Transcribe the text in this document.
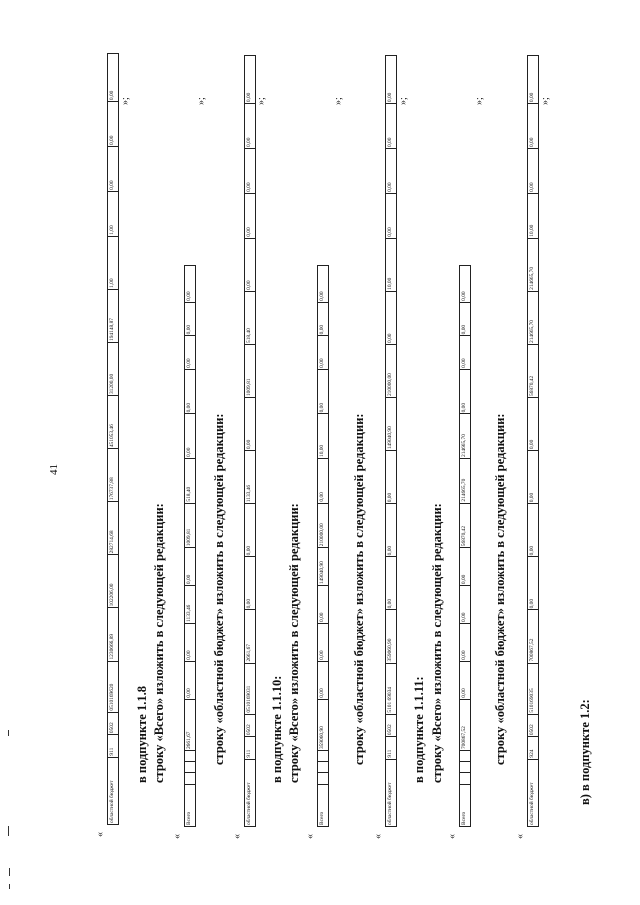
41
«
областной бюджет
911
0502
0510169620
1230666,89
102206,00
282714,68
176737,88
451053,46
31200,00
194148,87
1,00
1,00
0,00
0,00
0,00
»;
в подпункте 1.1.8 строку «Всего» изложить в следующей редакции:
«
Всего
2661,67
0,00
0,00
1133,46
0,00
1009,81
518,40
0,00
0,00
0,00
0,00
0,00
»;
строку «областной бюджет» изложить в следующей редакции:
«
областной бюджет
911
0502
0510169031
2661,67
0,00
0,00
1133,46
0,00
1009,81
518,40
0,00
0,00
0,00
0,00
0,00 »;
в подпункте 1.1.10: строку «Всего» изложить в следующей редакции:
«
Всего
359060,90
0,00
0,00
0,00
149040,90
210000,00
0,00
10,00
0,00
0,00
0,00
0,00
»;
строку «областной бюджет» изложить в следующей редакции:
«
областной бюджет
911
0502
5101 69034
359060,90
0,00
0,00
0,00
149040,90
210000,00
0,00
10,00
0,00
0,00
0,00
0,00 »;
в подпункте 1.1.11: строку «Всего» изложить в следующей редакции:
«
Всего
700867,52
0,00
0,00
0,00
0,00
56870,42
214665,70
214665,70
0,00
0,00
0,00
0,00
»;
строку «областной бюджет» изложить в следующей редакции:
«
областной бюджет
924
0502
510169035
700867,52
0,00
0,00
0,00
0,00
56870,42
214665,70
214665,70
10,00
0,00
0,00
0,00 »;
в) в подпункте 1.2:
